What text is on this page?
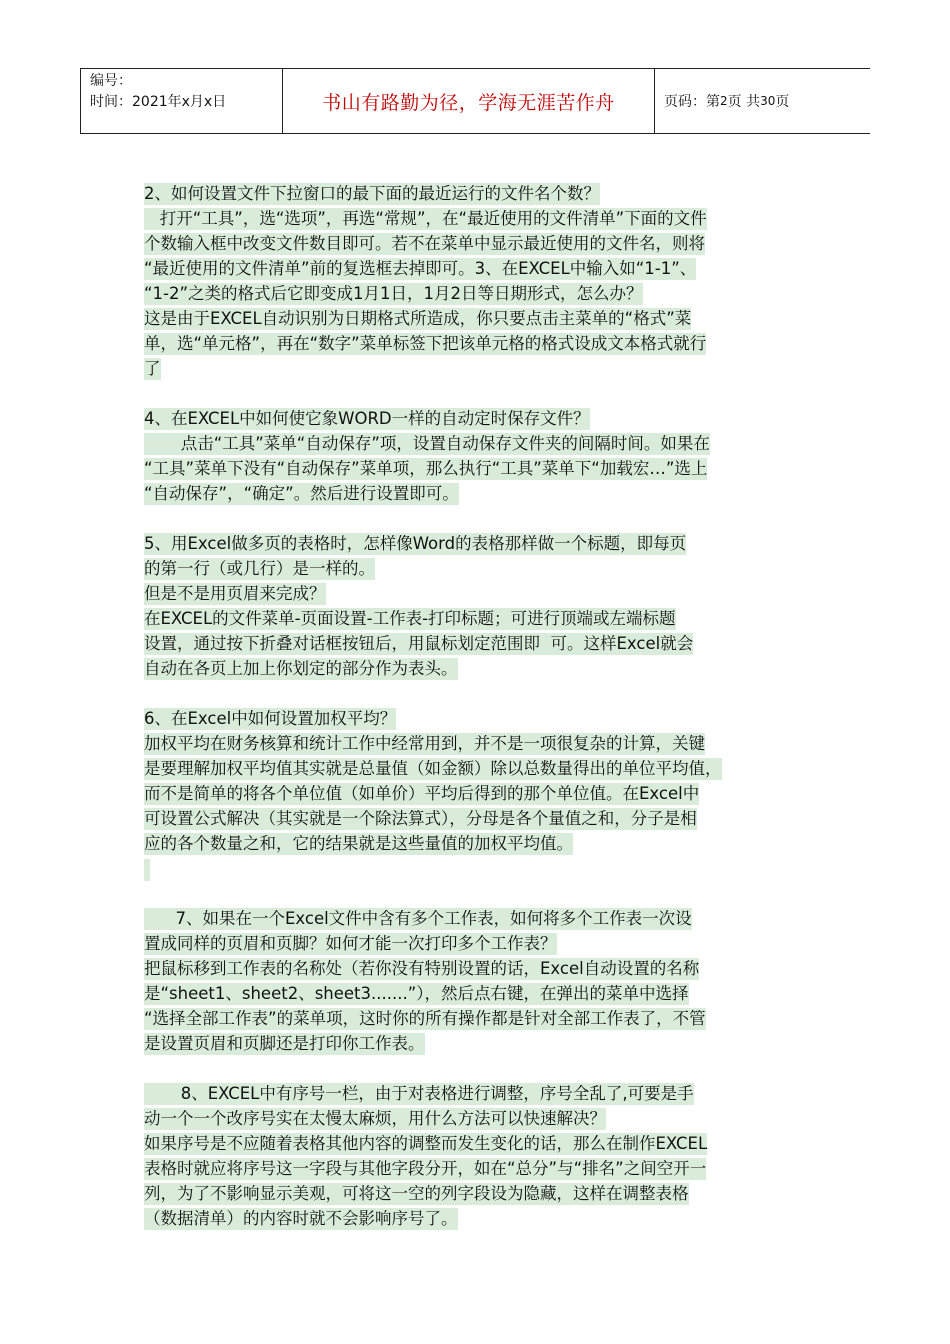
编号：
时间：2021年x月x日	书山有路勤为径，学海无涯苦作舟	页码：第 2 页 共 30 页
2、如何设置文件下拉窗口的最下面的最近运行的文件名个数？
打开“工具”，选“选项”，再选“常规”，在“最近使用的文件清单”下面的文件
个数输入框中改变文件数目即可。若不在菜单中显示最近使用的文件名，则将
“最近使用的文件清单”前的复选框去掉即可。3、在EXCEL中输入如“1-1”、
“1-2”之类的格式后它即变成1月1日，1月2日等日期形式，怎么办？
这是由于EXCEL自动识别为日期格式所造成，你只要点击主菜单的“格式”菜
单，选“单元格”，再在“数字”菜单标签下把该单元格的格式设成文本格式就行
了
4、在EXCEL中如何使它象WORD一样的自动定时保存文件？
点击“工具”菜单“自动保存”项，设置自动保存文件夹的间隔时间。如果在
“工具”菜单下没有“自动保存”菜单项，那么执行“工具”菜单下“加载宏…”选上
“自动保存”，“确定”。然后进行设置即可。
5、用Excel做多页的表格时，怎样像Word的表格那样做一个标题，即每页
的第一行（或几行）是一样的。
但是不是用页眉来完成？
在EXCEL的文件菜单-页面设置-工作表-打印标题；可进行顶端或左端标题
设置，通过按下折叠对话框按钮后，用鼠标划定范围即  可。这样Excel就会
自动在各页上加上你划定的部分作为表头。
6、在Excel中如何设置加权平均？
加权平均在财务核算和统计工作中经常用到，并不是一项很复杂的计算，关键
是要理解加权平均值其实就是总量值（如金额）除以总数量得出的单位平均值，
而不是简单的将各个单位值（如单价）平均后得到的那个单位值。在Excel中
可设置公式解决（其实就是一个除法算式），分母是各个量值之和，分子是相
应的各个数量之和，它的结果就是这些量值的加权平均值。
7、如果在一个Excel文件中含有多个工作表，如何将多个工作表一次设
置成同样的页眉和页脚？如何才能一次打印多个工作表？
把鼠标移到工作表的名称处（若你没有特别设置的话，Excel自动设置的名称
是“sheet1、sheet2、sheet3.......”），然后点右键，在弹出的菜单中选择
“选择全部工作表”的菜单项，这时你的所有操作都是针对全部工作表了，不管
是设置页眉和页脚还是打印你工作表。
8、EXCEL中有序号一栏，由于对表格进行调整，序号全乱了,可要是手
动一个一个改序号实在太慢太麻烦，用什么方法可以快速解决？
如果序号是不应随着表格其他内容的调整而发生变化的话，那么在制作EXCEL
表格时就应将序号这一字段与其他字段分开，如在“总分”与“排名”之间空开一
列，为了不影响显示美观，可将这一空的列字段设为隐藏，这样在调整表格
（数据清单）的内容时就不会影响序号了。
